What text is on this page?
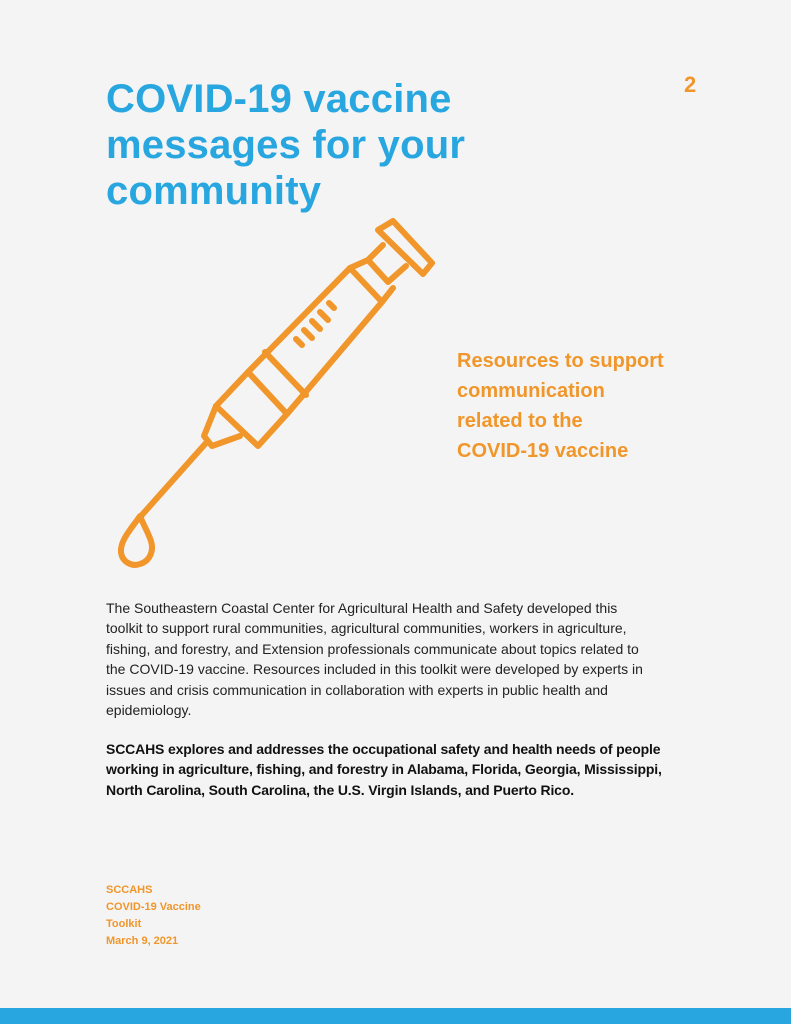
2
COVID-19 vaccine
messages for your
community
Resources to support
communication
related to the
COVID-19 vaccine

The Southeastern Coastal Center for Agricultural Health and Safety developed this
toolkit to support rural communities, agricultural communities, workers in agriculture,
fishing, and forestry, and Extension professionals communicate about topics related to
the COVID-19 vaccine. Resources included in this toolkit were developed by experts in
issues and crisis communication in collaboration with experts in public health and
epidemiology.

SCCAHS explores and addresses the occupational safety and health needs of people
working in agriculture, fishing, and forestry in Alabama, Florida, Georgia, Mississippi,
North Carolina, South Carolina, the U.S. Virgin Islands, and Puerto Rico.

SCCAHS
COVID-19 Vaccine
Toolkit
March 9, 2021
